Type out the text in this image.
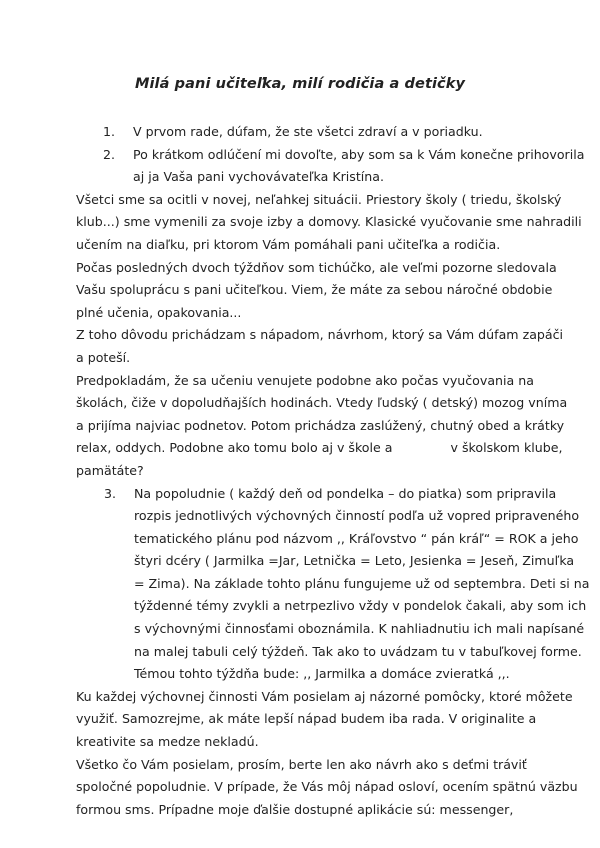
Milá pani učiteľka, milí rodičia a detičky
1. V prvom rade, dúfam, že ste všetci zdraví a v poriadku.
2. Po krátkom odlúčení mi dovoľte, aby som sa k Vám konečne prihovorila
aj ja Vaša pani vychovávateľka Kristína.
Všetci sme sa ocitli v novej, neľahkej situácii. Priestory školy ( triedu, školský
klub...) sme vymenili za svoje izby a domovy. Klasické vyučovanie sme nahradili
učením na diaľku, pri ktorom Vám pomáhali pani učiteľka a rodičia.
Počas posledných dvoch týždňov som tichúčko, ale veľmi pozorne sledovala
Vašu spoluprácu s pani učiteľkou. Viem, že máte za sebou náročné obdobie
plné učenia, opakovania...
Z toho dôvodu prichádzam s nápadom, návrhom, ktorý sa Vám dúfam zapáči
a poteší.
Predpokladám, že sa učeniu venujete podobne ako počas vyučovania na
školách, čiže v dopoludňajších hodinách. Vtedy ľudský ( detský) mozog vníma
a prijíma najviac podnetov. Potom prichádza zaslúžený, chutný obed a krátky
relax, oddych. Podobne ako tomu bolo aj v škole a	v školskom klube,
pamätáte?
3. Na popoludnie ( každý deň od pondelka – do piatka) som pripravila
rozpis jednotlivých výchovných činností podľa už vopred pripraveného
tematického plánu pod názvom ,, Kráľovstvo “ pán kráľ“ = ROK a jeho
štyri dcéry ( Jarmilka =Jar, Letnička = Leto, Jesienka = Jeseň, Zimuľka
= Zima). Na základe tohto plánu fungujeme už od septembra. Deti si na
týždenné témy zvykli a netrpezlivo vždy v pondelok čakali, aby som ich
s výchovnými činnosťami oboznámila. K nahliadnutiu ich mali napísané
na malej tabuli celý týždeň. Tak ako to uvádzam tu v tabuľkovej forme.
Témou tohto týždňa bude: ,, Jarmilka a domáce zvieratká ,,.
Ku každej výchovnej činnosti Vám posielam aj názorné pomôcky, ktoré môžete
využiť. Samozrejme, ak máte lepší nápad budem iba rada. V originalite a
kreativite sa medze nekladú.
Všetko čo Vám posielam, prosím, berte len ako návrh ako s deťmi tráviť
spoločné popoludnie. V prípade, že Vás môj nápad osloví, ocením spätnú väzbu
formou sms. Prípadne moje ďalšie dostupné aplikácie sú: messenger,
